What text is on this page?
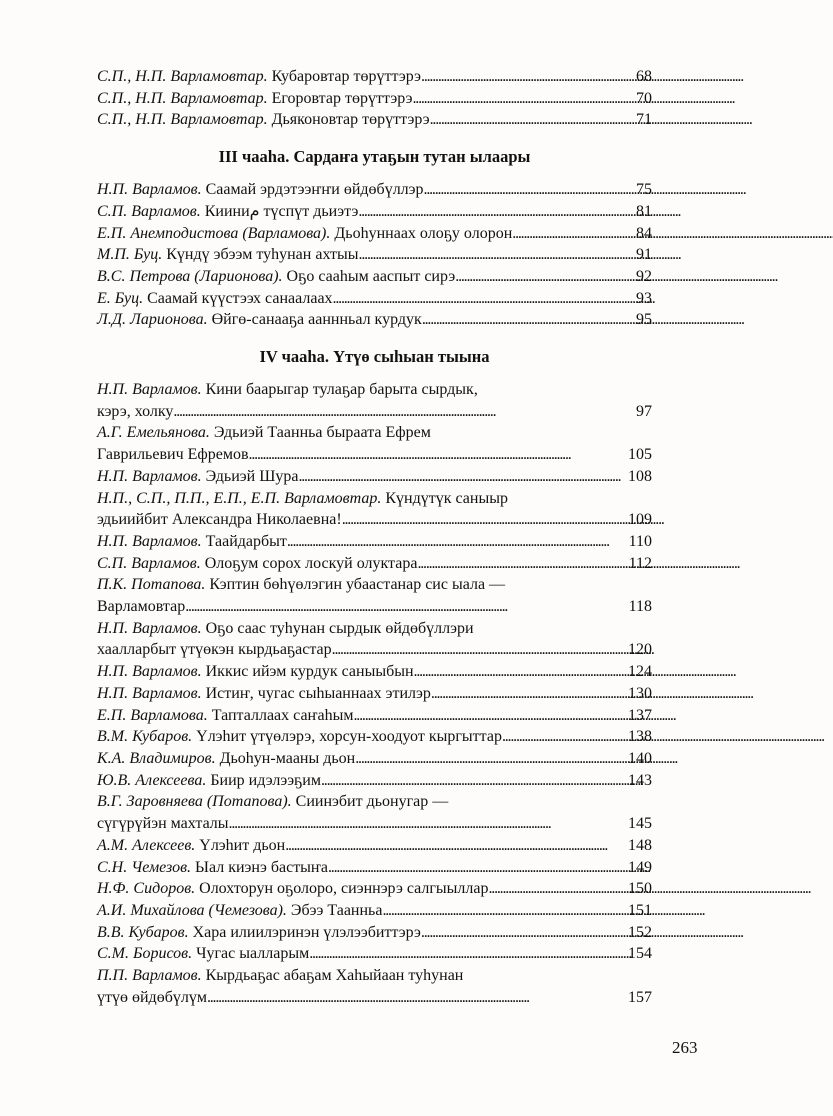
С.П., Н.П. Варламовтар. Кубаровтар төрүттэрэ . . .	68
С.П., Н.П. Варламовтар. Егоровтар төрүттэрэ . . .	70
С.П., Н.П. Варламовтар. Дьяконовтар төрүттэрэ . . .	71
III чааhа. Сардаҥа утаҕын тутан ылаары
Н.П. Варламов. Саамай эрдэтээҥҥи өйдөбүллэр . . .	75
С.П. Варламов. Кииниم түспүт дьиэтэ . . .	81
Е.П. Анемподистова (Варламова). Дьоhуннаах олоҕу олорон . . .	84
М.П. Буц. Күндү эбээм туhунан ахтыы . . .	91
В.С. Петрова (Ларионова). Оҕо сааhым ааспыт сирэ . . .	92
Е. Буц. Саамай күүстээх санаалаах . . .	93
Л.Д. Ларионова. Өйгө-санааҕа ааннньал курдук . . .	95
IV чааhа. Үтүө сыhыан тыына
Н.П. Варламов. Кини баарыгар тулаҕар барыта сырдык,
кэрэ, холку . . .	97
А.Г. Емельянова. Эдьиэй Таанньа быраата Ефрем
Гаврильевич Ефремов . . .	105
Н.П. Варламов. Эдьиэй Шура . . .	108
Н.П., С.П., П.П., Е.П., Е.П. Варламовтар. Күндүтүк саныыр
эдьиийбит Александра Николаевна! . . .	109
Н.П. Варламов. Таайдарбыт . . .	110
С.П. Варламов. Олоҕум сорох лоскуй олуктара . . .	112
П.К. Потапова. Кэптин бөһүөлэгин убаастанар сис ыала —
Варламовтар . . .	118
Н.П. Варламов. Оҕо саас туhунан сырдык өйдөбүллэри
хаалларбыт үтүөкэн кырдьаҕастар . . .	120
Н.П. Варламов. Иккис ийэм курдук саныыбын . . .	124
Н.П. Варламов. Истиҥ, чугас сыhыаннаах этилэр . . .	130
Е.П. Варламова. Тапталлаах саҥаhым . . .	137
В.М. Кубаров. Үлэhит үтүөлэрэ, хорсун-хоодуот кыргыттар . . .	138
К.А. Владимиров. Дьоhун-мааны дьон . . .	140
Ю.В. Алексеева. Биир идэлээҕим . . .	143
В.Г. Заровняева (Потапова). Сиинэбит дьонугар —
сүгүрүйэн махталы . . .	145
А.М. Алексеев. Үлэhит дьон . . .	148
С.Н. Чемезов. Ыал киэнэ бастыҥа . . .	149
Н.Ф. Сидоров. Олохторун оҕолоро, сиэннэрэ салгыыллар . . .	150
А.И. Михайлова (Чемезова). Эбээ Таанньа . . .	151
В.В. Кубаров. Хара илиилэринэн үлэлээбиттэрэ . . .	152
С.М. Борисов. Чугас ыалларым . . .	154
П.П. Варламов. Кырдьаҕас абаҕам Хаhыйаан туhунан
үтүө өйдөбүлүм . . .	157
263
